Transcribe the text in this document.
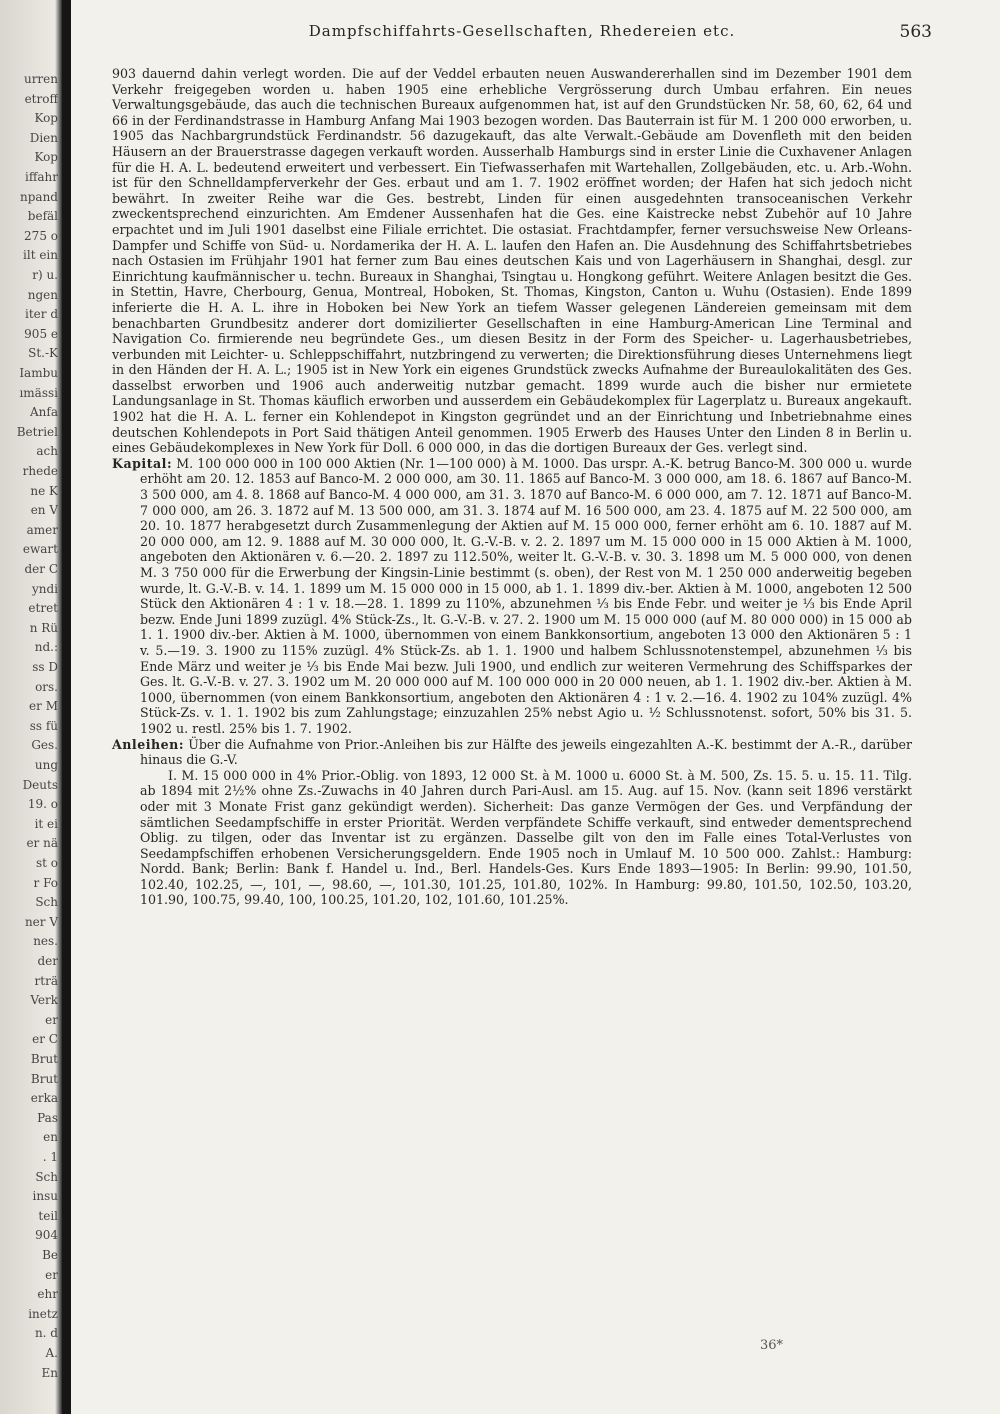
urren
etroff
Kop
Dien
Kop
iffahr
npand
befäl
275 o
ilt ein
r) u.
ngen
iter d
905 e
St.-K
Iambu
ımässi
Anfa
Betriel
ach
rhede
ne K
en V
amer
ewart
der C
yndi
etret
n Rü
nd.:
ss D
ors.
er M
ss fü
Ges.
ung
Deuts
19. o
it ei
er nä
st o
r Fo
Sch
ner V
nes.
der
rträ
Verk
er
er C
Brut
Brut
erka
Pas
en
. 1
Sch
insu
teil
904
Be
er
ehr
inetz
n. d
A.
En
Dampfschiffahrts-Gesellschaften, Rhedereien etc.	563

903 dauernd dahin verlegt worden. Die auf der Veddel erbauten neuen Auswandererhallen sind im Dezember 1901 dem Verkehr freigegeben worden u. haben 1905 eine erhebliche Vergrösserung durch Umbau erfahren. Ein neues Verwaltungsgebäude, das auch die technischen Bureaux aufgenommen hat, ist auf den Grundstücken Nr. 58, 60, 62, 64 und 66 in der Ferdinandstrasse in Hamburg Anfang Mai 1903 bezogen worden. Das Bauterrain ist für M. 1 200 000 erworben, u. 1905 das Nachbargrundstück Ferdinandstr. 56 dazugekauft, das alte Verwalt.-Gebäude am Dovenfleth mit den beiden Häusern an der Brauerstrasse dagegen verkauft worden. Ausserhalb Hamburgs sind in erster Linie die Cuxhavener Anlagen für die H. A. L. bedeutend erweitert und verbessert. Ein Tiefwasserhafen mit Wartehallen, Zollgebäuden, etc. u. Arb.-Wohn. ist für den Schnelldampferverkehr der Ges. erbaut und am 1. 7. 1902 eröffnet worden; der Hafen hat sich jedoch nicht bewährt. In zweiter Reihe war die Ges. bestrebt, Linden für einen ausgedehnten transoceanischen Verkehr zweckentsprechend einzurichten. Am Emdener Aussenhafen hat die Ges. eine Kaistrecke nebst Zubehör auf 10 Jahre erpachtet und im Juli 1901 daselbst eine Filiale errichtet. Die ostasiat. Frachtdampfer, ferner versuchsweise New Orleans-Dampfer und Schiffe von Süd- u. Nordamerika der H. A. L. laufen den Hafen an. Die Ausdehnung des Schiffahrtsbetriebes nach Ostasien im Frühjahr 1901 hat ferner zum Bau eines deutschen Kais und von Lagerhäusern in Shanghai, desgl. zur Einrichtung kaufmännischer u. techn. Bureaux in Shanghai, Tsingtau u. Hongkong geführt. Weitere Anlagen besitzt die Ges. in Stettin, Havre, Cherbourg, Genua, Montreal, Hoboken, St. Thomas, Kingston, Canton u. Wuhu (Ostasien). Ende 1899 inferierte die H. A. L. ihre in Hoboken bei New York an tiefem Wasser gelegenen Ländereien gemeinsam mit dem benachbarten Grundbesitz anderer dort domizilierter Gesellschaften in eine Hamburg-American Line Terminal and Navigation Co. firmierende neu begründete Ges., um diesen Besitz in der Form des Speicher- u. Lagerhausbetriebes, verbunden mit Leichter- u. Schleppschiffahrt, nutzbringend zu verwerten; die Direktionsführung dieses Unternehmens liegt in den Händen der H. A. L.; 1905 ist in New York ein eigenes Grundstück zwecks Aufnahme der Bureaulokalitäten des Ges. dasselbst erworben und 1906 auch anderweitig nutzbar gemacht. 1899 wurde auch die bisher nur ermietete Landungsanlage in St. Thomas käuflich erworben und ausserdem ein Gebäudekomplex für Lagerplatz u. Bureaux angekauft. 1902 hat die H. A. L. ferner ein Kohlendepot in Kingston gegründet und an der Einrichtung und Inbetriebnahme eines deutschen Kohlendepots in Port Said thätigen Anteil genommen. 1905 Erwerb des Hauses Unter den Linden 8 in Berlin u. eines Gebäudekomplexes in New York für Doll. 6 000 000, in das die dortigen Bureaux der Ges. verlegt sind.

Kapital: M. 100 000 000 in 100 000 Aktien (Nr. 1—100 000) à M. 1000. Das urspr. A.-K. betrug Banco-M. 300 000 u. wurde erhöht am 20. 12. 1853 auf Banco-M. 2 000 000, am 30. 11. 1865 auf Banco-M. 3 000 000, am 18. 6. 1867 auf Banco-M. 3 500 000, am 4. 8. 1868 auf Banco-M. 4 000 000, am 31. 3. 1870 auf Banco-M. 6 000 000, am 7. 12. 1871 auf Banco-M. 7 000 000, am 26. 3. 1872 auf M. 13 500 000, am 31. 3. 1874 auf M. 16 500 000, am 23. 4. 1875 auf M. 22 500 000, am 20. 10. 1877 herabgesetzt durch Zusammenlegung der Aktien auf M. 15 000 000, ferner erhöht am 6. 10. 1887 auf M. 20 000 000, am 12. 9. 1888 auf M. 30 000 000, lt. G.-V.-B. v. 2. 2. 1897 um M. 15 000 000 in 15 000 Aktien à M. 1000, angeboten den Aktionären v. 6.—20. 2. 1897 zu 112.50%, weiter lt. G.-V.-B. v. 30. 3. 1898 um M. 5 000 000, von denen M. 3 750 000 für die Erwerbung der Kingsin-Linie bestimmt (s. oben), der Rest von M. 1 250 000 anderweitig begeben wurde, lt. G.-V.-B. v. 14. 1. 1899 um M. 15 000 000 in 15 000, ab 1. 1. 1899 div.-ber. Aktien à M. 1000, angeboten 12 500 Stück den Aktionären 4 : 1 v. 18.—28. 1. 1899 zu 110%, abzunehmen ¹⁄₃ bis Ende Febr. und weiter je ¹⁄₃ bis Ende April bezw. Ende Juni 1899 zuzügl. 4% Stück-Zs., lt. G.-V.-B. v. 27. 2. 1900 um M. 15 000 000 (auf M. 80 000 000) in 15 000 ab 1. 1. 1900 div.-ber. Aktien à M. 1000, übernommen von einem Bankkonsortium, angeboten 13 000 den Aktionären 5 : 1 v. 5.—19. 3. 1900 zu 115% zuzügl. 4% Stück-Zs. ab 1. 1. 1900 und halbem Schlussnotenstempel, abzunehmen ¹⁄₃ bis Ende März und weiter je ¹⁄₃ bis Ende Mai bezw. Juli 1900, und endlich zur weiteren Vermehrung des Schiffsparkes der Ges. lt. G.-V.-B. v. 27. 3. 1902 um M. 20 000 000 auf M. 100 000 000 in 20 000 neuen, ab 1. 1. 1902 div.-ber. Aktien à M. 1000, übernommen (von einem Bankkonsortium, angeboten den Aktionären 4 : 1 v. 2.—16. 4. 1902 zu 104% zuzügl. 4% Stück-Zs. v. 1. 1. 1902 bis zum Zahlungstage; einzuzahlen 25% nebst Agio u. ¹⁄₂ Schlussnotenst. sofort, 50% bis 31. 5. 1902 u. restl. 25% bis 1. 7. 1902.

Anleihen: Über die Aufnahme von Prior.-Anleihen bis zur Hälfte des jeweils eingezahlten A.-K. bestimmt der A.-R., darüber hinaus die G.-V.

I. M. 15 000 000 in 4% Prior.-Oblig. von 1893, 12 000 St. à M. 1000 u. 6000 St. à M. 500, Zs. 15. 5. u. 15. 11. Tilg. ab 1894 mit 2½% ohne Zs.-Zuwachs in 40 Jahren durch Pari-Ausl. am 15. Aug. auf 15. Nov. (kann seit 1896 verstärkt oder mit 3 Monate Frist ganz gekündigt werden). Sicherheit: Das ganze Vermögen der Ges. und Verpfändung der sämtlichen Seedampfschiffe in erster Priorität. Werden verpfändete Schiffe verkauft, sind entweder dementsprechend Oblig. zu tilgen, oder das Inventar ist zu ergänzen. Dasselbe gilt von den im Falle eines Total-Verlustes von Seedampfschiffen erhobenen Versicherungsgeldern. Ende 1905 noch in Umlauf M. 10 500 000. Zahlst.: Hamburg: Nordd. Bank; Berlin: Bank f. Handel u. Ind., Berl. Handels-Ges. Kurs Ende 1893—1905: In Berlin: 99.90, 101.50, 102.40, 102.25, —, 101, —, 98.60, —, 101.30, 101.25, 101.80, 102%. In Hamburg: 99.80, 101.50, 102.50, 103.20, 101.90, 100.75, 99.40, 100, 100.25, 101.20, 102, 101.60, 101.25%.

36*
